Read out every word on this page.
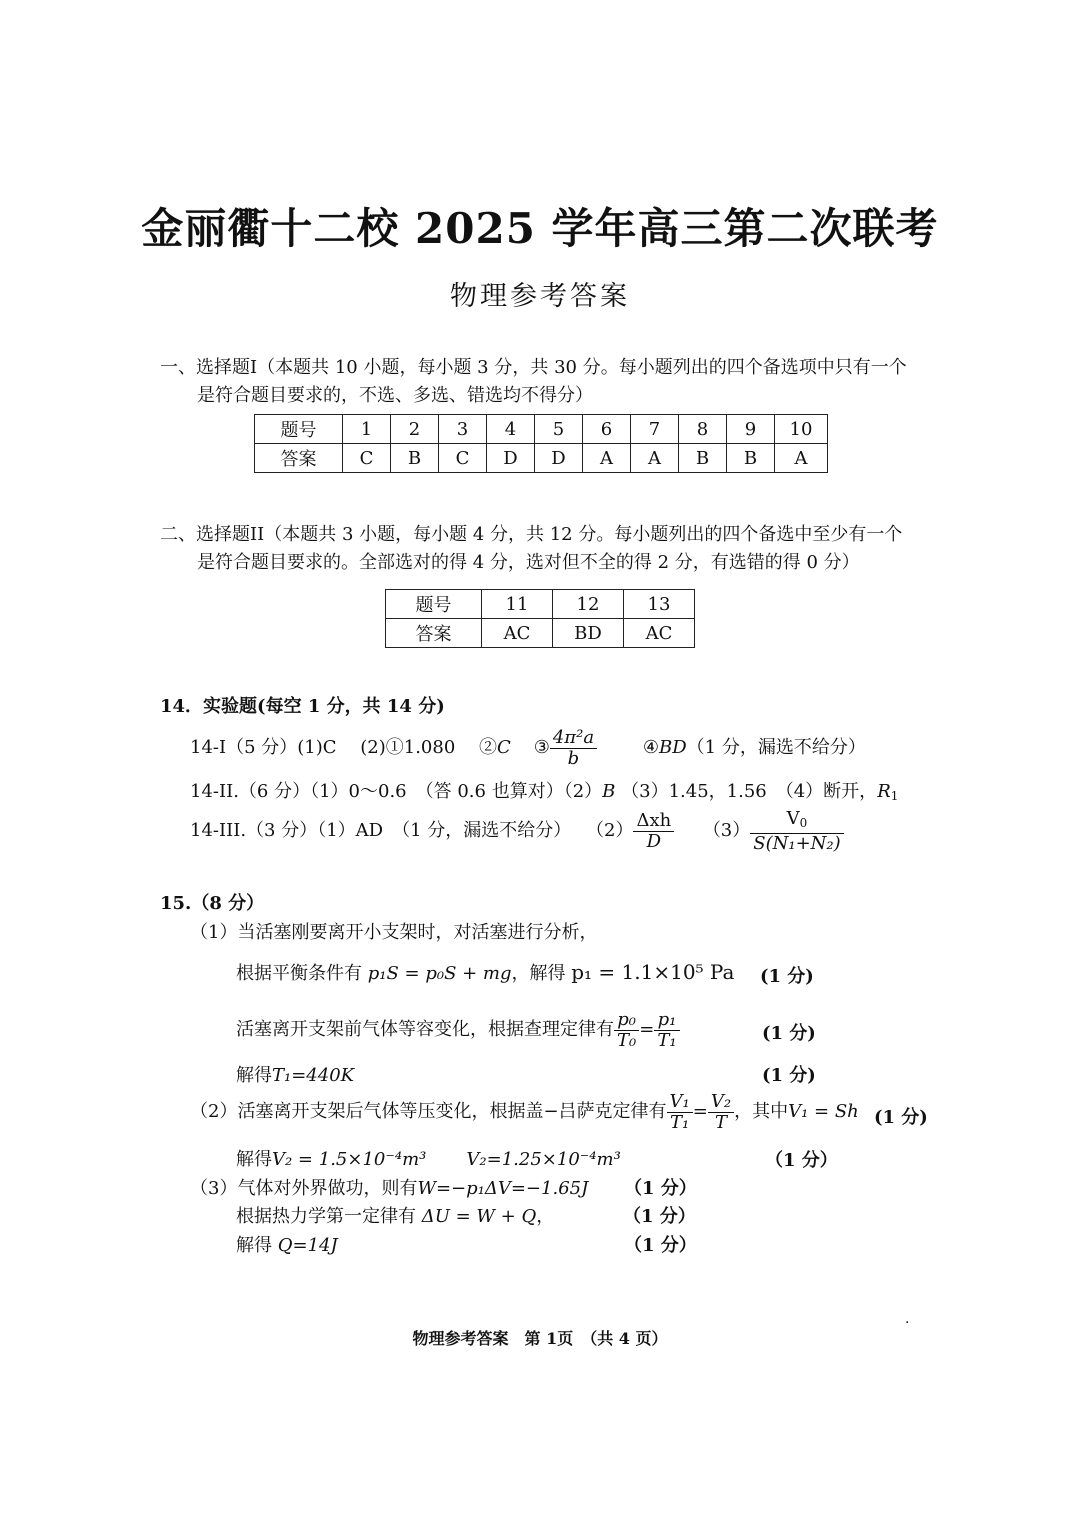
金丽衢十二校 2025 学年高三第二次联考
物理参考答案
一、选择题I（本题共 10 小题，每小题 3 分，共 30 分。每小题列出的四个备选项中只有一个
是符合题目要求的，不选、多选、错选均不得分）
题号	1	2	3	4	5	6	7	8	9	10
答案	C	B	C	D	D	A	A	B	B	A
二、选择题II（本题共 3 小题，每小题 4 分，共 12 分。每小题列出的四个备选中至少有一个
是符合题目要求的。全部选对的得 4 分，选对但不全的得 2 分，有选错的得 0 分）
题号	11	12	13
答案	AC	BD	AC
14．实验题(每空 1 分，共 14 分)
14-I（5 分）(1)C　 (2)①1.080　 ②C ③ $\frac{\text{4π²a}}{b}$	④BD（1 分，漏选不给分）
14-II.（6 分）（1）0～0.6　（答 0.6 也算对）（2）B （3）1.45，1.56　（4）断开，$R_1$
14-III.（3 分）（1）AD　（1 分，漏选不给分）　 $(2) \frac{\text{Δxh}}{D} (3) \frac{V_0}{\text{S(N₁+N₂)}}$
15.（8 分）
（1）当活塞刚要离开小支架时，对活塞进行分析，
根据平衡条件有 p₁S = p₀S + mg，解得 p₁ = 1.1×10⁵ Pa (1 分)
活塞离开支架前气体等容变化，根据查理定律有 $\frac{\text{p₀}}{\text{T₀}} = \frac{\text{p₁}}{\text{T₁}}$	(1 分)
解得T₁=440K	(1 分)
（2）活塞离开支架后气体等压变化，根据盖−吕萨克定律有 $\frac{\text{V₁}}{\text{T₁}} = \frac{\text{V₂}}{T}$ ，其中V₁ = Sh (1 分)
解得V₂ = 1.5×10⁻⁴m³ V₂=1.25×10⁻⁴m³	（1 分）
（3）气体对外界做功，则有W=−p₁ΔV=−1.65J （1 分）
根据热力学第一定律有 ΔU = W + Q，	（1 分）
解得 Q=14J	（1 分）
·
物理参考答案　第 1页　（共 4 页）
